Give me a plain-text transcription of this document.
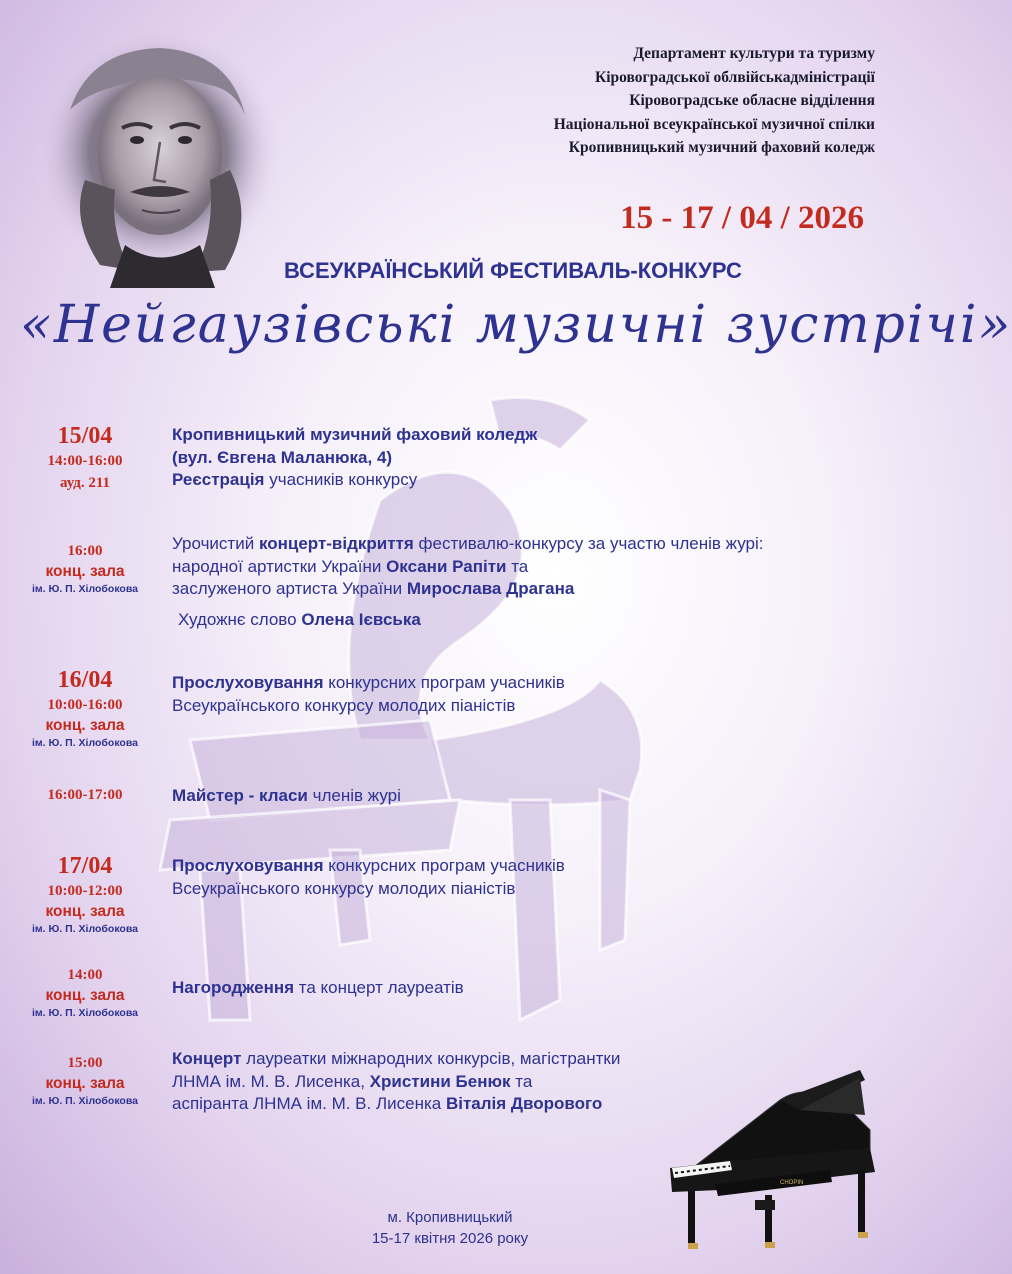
CHOPIN
Департамент культури та туризму
Кіровоградської облвійськадміністрації
Кіровоградське обласне відділення
Національної всеукраїнської музичної спілки
Кропивницький музичний фаховий коледж
15 - 17 / 04 / 2026
ВСЕУКРАЇНСЬКИЙ ФЕСТИВАЛЬ-КОНКУРС
«Нейгаузівські музичні зустрічі»
15/04
14:00-16:00
ауд. 211
Кропивницький музичний фаховий коледж
(вул. Євгена Маланюка, 4)
Реєстрація учасників конкурсу
16:00
конц. зала
ім. Ю. П. Хілобокова
Урочистий концерт-відкриття фестивалю-конкурсу за участю членів журі:
народної артистки України Оксани Рапіти та
заслуженого артиста України Мирослава Драгана
Художнє слово Олена Ієвська
16/04
10:00-16:00
конц. зала
ім. Ю. П. Хілобокова
Прослуховування конкурсних програм учасників
Всеукраїнського конкурсу молодих піаністів
16:00-17:00	Майстер - класи членів журі
17/04
10:00-12:00
конц. зала
ім. Ю. П. Хілобокова
Прослуховування конкурсних програм учасників
Всеукраїнського конкурсу молодих піаністів
14:00
конц. зала
ім. Ю. П. Хілобокова
Нагородження та концерт лауреатів
15:00
конц. зала
ім. Ю. П. Хілобокова
Концерт лауреатки міжнародних конкурсів, магістрантки
ЛНМА ім. М. В. Лисенка, Христини Бенюк та
аспіранта ЛНМА ім. М. В. Лисенка Віталія Дворового
м. Кропивницький
15-17 квітня 2026 року
